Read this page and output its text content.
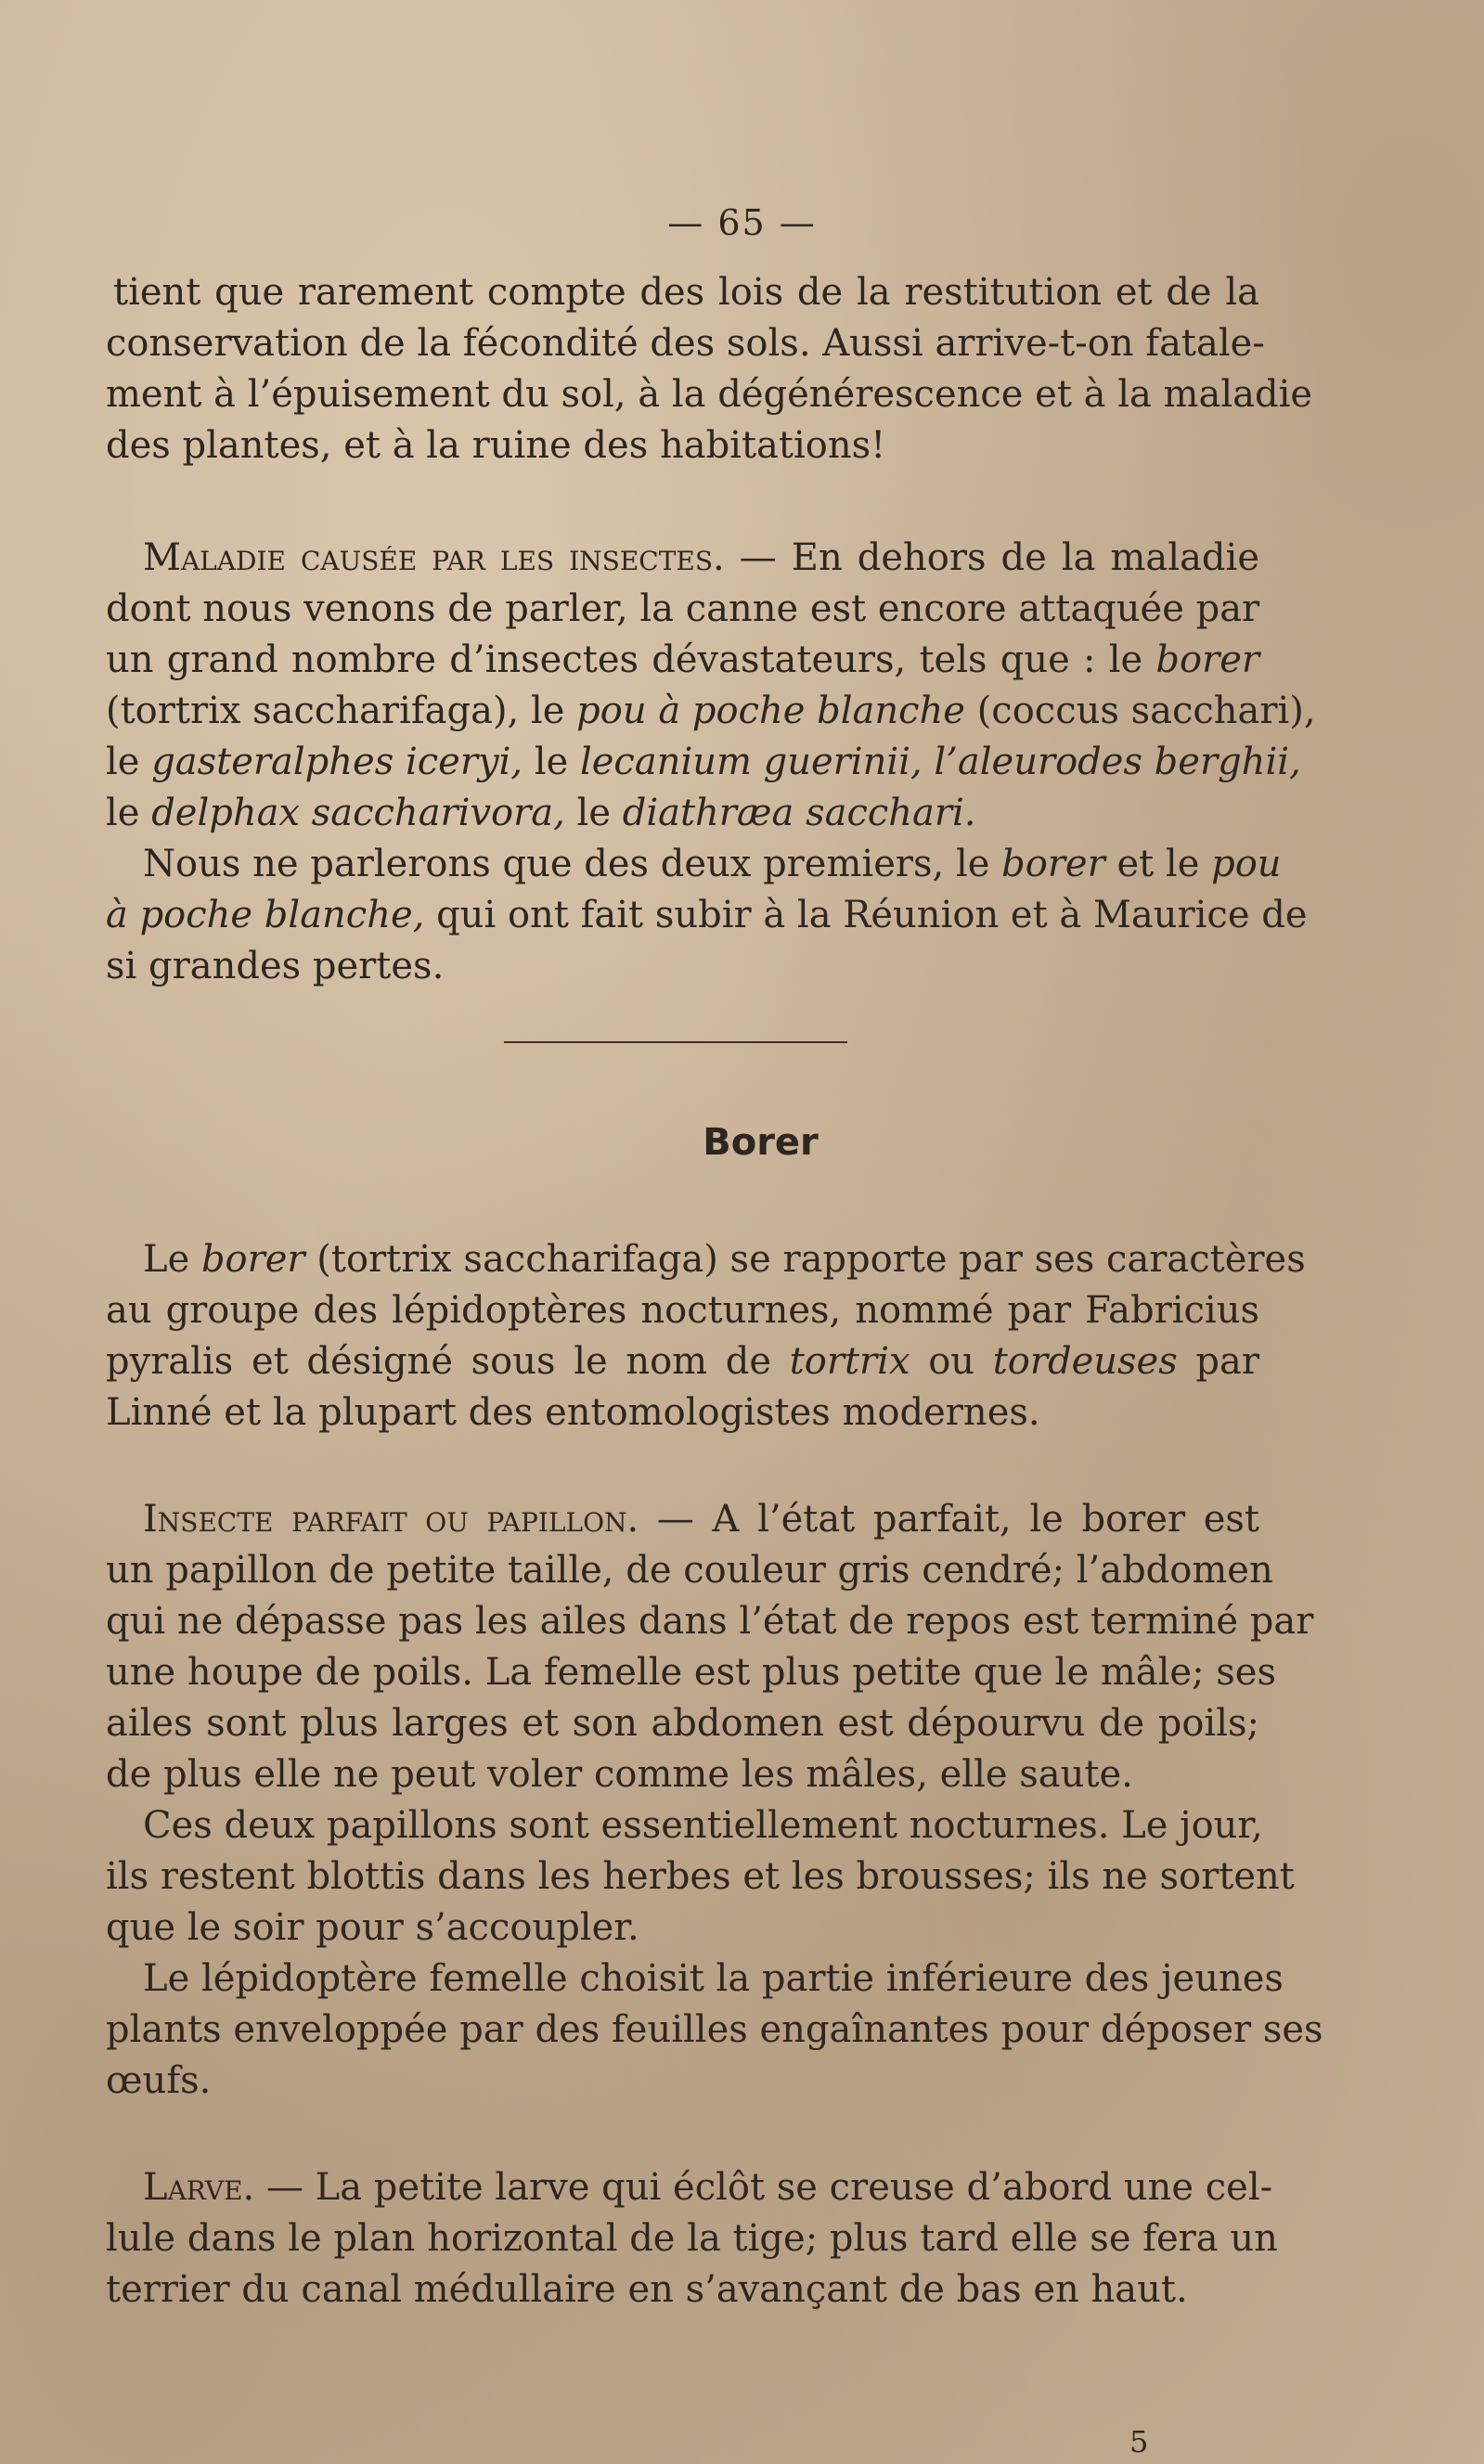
— 65 —
tient que rarement compte des lois de la restitution et de la
conservation de la fécondité des sols. Aussi arrive-t-on fatale-
ment à l’épuisement du sol, à la dégénérescence et à la maladie
des plantes, et à la ruine des habitations!
Maladie causée par les insectes. — En dehors de la maladie
dont nous venons de parler, la canne est encore attaquée par
un grand nombre d’insectes dévastateurs, tels que : le borer
(tortrix saccharifaga), le pou à poche blanche (coccus sacchari),
le gasteralphes iceryi, le lecanium guerinii, l’aleurodes berghii,
le delphax saccharivora, le diathræa sacchari.
Nous ne parlerons que des deux premiers, le borer et le pou
à poche blanche, qui ont fait subir à la Réunion et à Maurice de
si grandes pertes.
Borer
Le borer (tortrix saccharifaga) se rapporte par ses caractères
au groupe des lépidoptères nocturnes, nommé par Fabricius
pyralis et désigné sous le nom de tortrix ou tordeuses par
Linné et la plupart des entomologistes modernes.
Insecte parfait ou papillon. — A l’état parfait, le borer est
un papillon de petite taille, de couleur gris cendré; l’abdomen
qui ne dépasse pas les ailes dans l’état de repos est terminé par
une houpe de poils. La femelle est plus petite que le mâle; ses
ailes sont plus larges et son abdomen est dépourvu de poils;
de plus elle ne peut voler comme les mâles, elle saute.
Ces deux papillons sont essentiellement nocturnes. Le jour,
ils restent blottis dans les herbes et les brousses; ils ne sortent
que le soir pour s’accoupler.
Le lépidoptère femelle choisit la partie inférieure des jeunes
plants enveloppée par des feuilles engaînantes pour déposer ses
œufs.
Larve. — La petite larve qui éclôt se creuse d’abord une cel-
lule dans le plan horizontal de la tige; plus tard elle se fera un
terrier du canal médullaire en s’avançant de bas en haut.
5
